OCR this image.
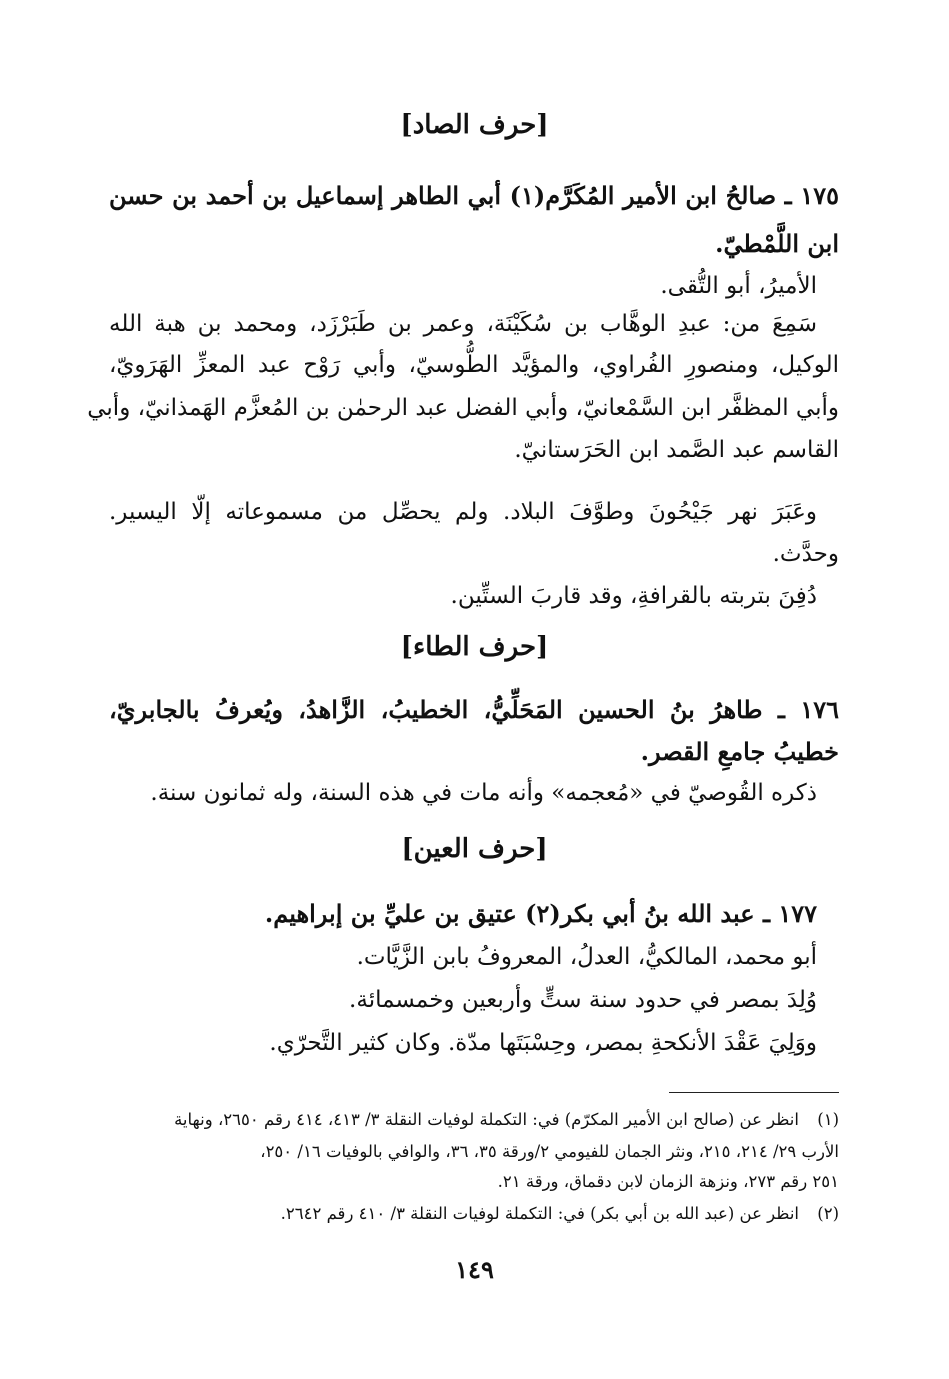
[حرف الصاد]
١٧٥ ـ صالحُ ابن الأمير المُكَرَّم(١) أبي الطاهر إسماعيل بن أحمد بن حسن
ابن اللَّمْطيّ.
الأميرُ، أبو التُّقى.
سَمِعَ من: عبدِ الوهَّاب بن سُكَيْنَة، وعمر بن طَبَرْزَد، ومحمد بن هبة الله
الوكيل، ومنصورِ الفُراوي، والمؤيَّد الطُّوسيّ، وأبي رَوْح عبد المعزِّ الهَرَويّ،
وأبي المظفَّر ابن السَّمْعانيّ، وأبي الفضل عبد الرحمٰن بن المُعزَّم الهَمذانيّ، وأبي
القاسم عبد الصَّمد ابن الحَرَستانيّ.
وعَبَرَ نهر جَيْحُونَ وطوَّفَ البلاد. ولم يحصِّل من مسموعاته إلّا اليسير.
وحدَّث.
دُفِنَ بتربته بالقرافةِ، وقد قاربَ الستِّين.
[حرف الطاء]
١٧٦ ـ طاهرُ بنُ الحسين المَحَلِّيُّ، الخطيبُ، الزَّاهدُ، ويُعرفُ بالجابريّ،
خطيبُ جامعِ القصر.
ذكره القُوصيّ في «مُعجمه» وأنه مات في هذه السنة، وله ثمانون سنة.
[حرف العين]
١٧٧ ـ عبد الله بنُ أبي بكر(٢) عتيق بن عليِّ بن إبراهيم.
أبو محمد، المالكيُّ، العدلُ، المعروفُ بابن الزَّيَّات.
وُلِدَ بمصر في حدود سنة ستٍّ وأربعين وخمسمائة.
ووَلِيَ عَقْدَ الأنكحةِ بمصر، وحِسْبَتَها مدّة. وكان كثير التَّحرّي.
(١)انظر عن (صالح ابن الأمير المكرّم) في: التكملة لوفيات النقلة ٣/ ٤١٣، ٤١٤ رقم ٢٦٥٠، ونهاية
الأرب ٢٩/ ٢١٤، ٢١٥، ونثر الجمان للفيومي ٢/ورقة ٣٥، ٣٦، والوافي بالوفيات ١٦/ ٢٥٠،
٢٥١ رقم ٢٧٣، ونزهة الزمان لابن دقماق، ورقة ٢١.
(٢)انظر عن (عبد الله بن أبي بكر) في: التكملة لوفيات النقلة ٣/ ٤١٠ رقم ٢٦٤٢.
١٤٩
